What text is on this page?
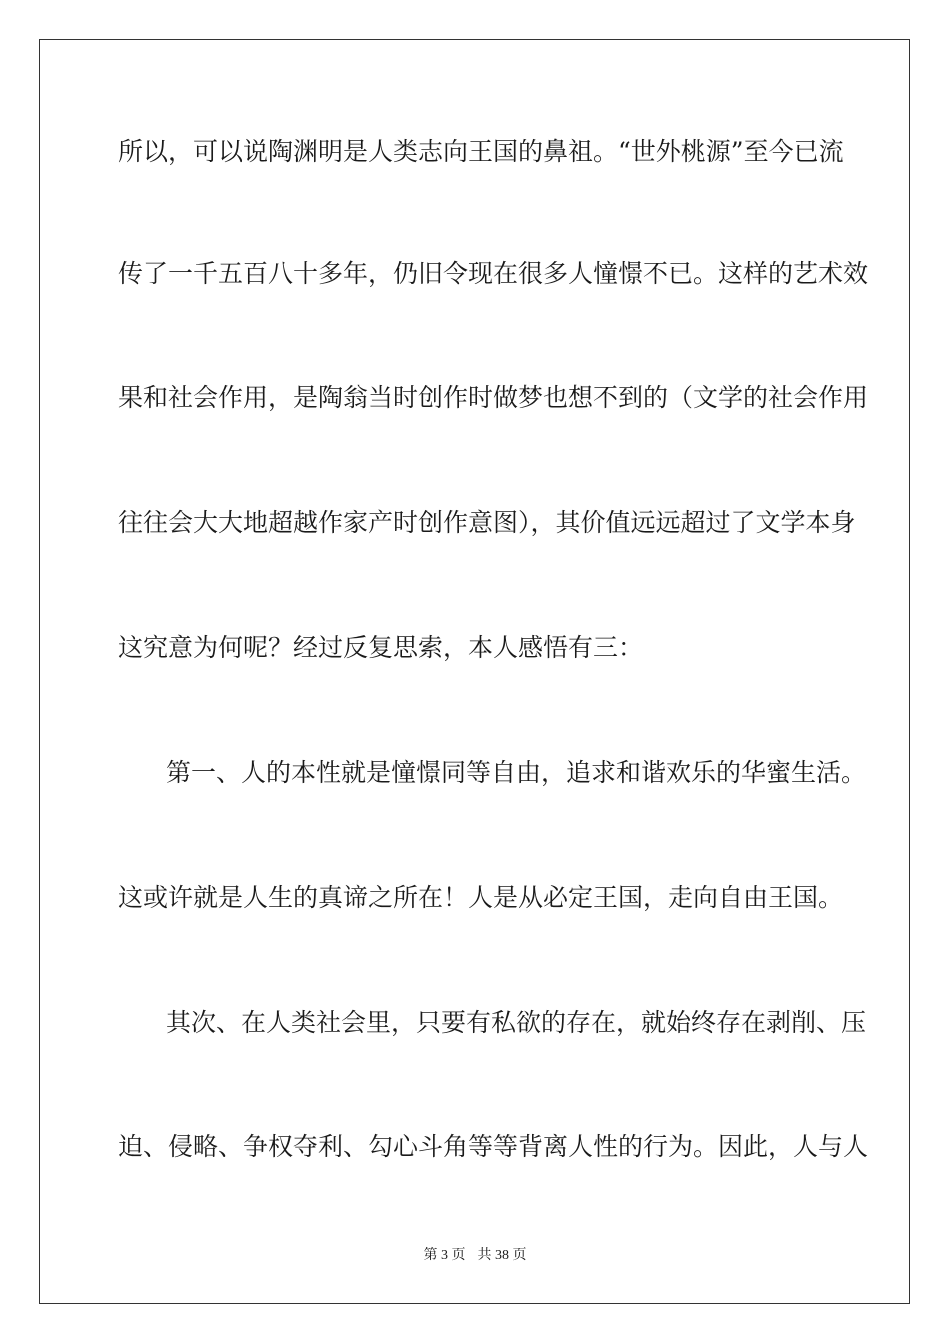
所以，可以说陶渊明是人类志向王国的鼻祖。“世外桃源”至今已流
传了一千五百八十多年，仍旧令现在很多人憧憬不已。这样的艺术效
果和社会作用，是陶翁当时创作时做梦也想不到的（文学的社会作用
往往会大大地超越作家产时创作意图），其价值远远超过了文学本身
这究意为何呢？经过反复思索，本人感悟有三：
第一、人的本性就是憧憬同等自由，追求和谐欢乐的华蜜生活。
这或许就是人生的真谛之所在！人是从必定王国，走向自由王国。
其次、在人类社会里，只要有私欲的存在，就始终存在剥削、压
迫、侵略、争权夺利、勾心斗角等等背离人性的行为。因此，人与人
第 3 页 共 38 页
